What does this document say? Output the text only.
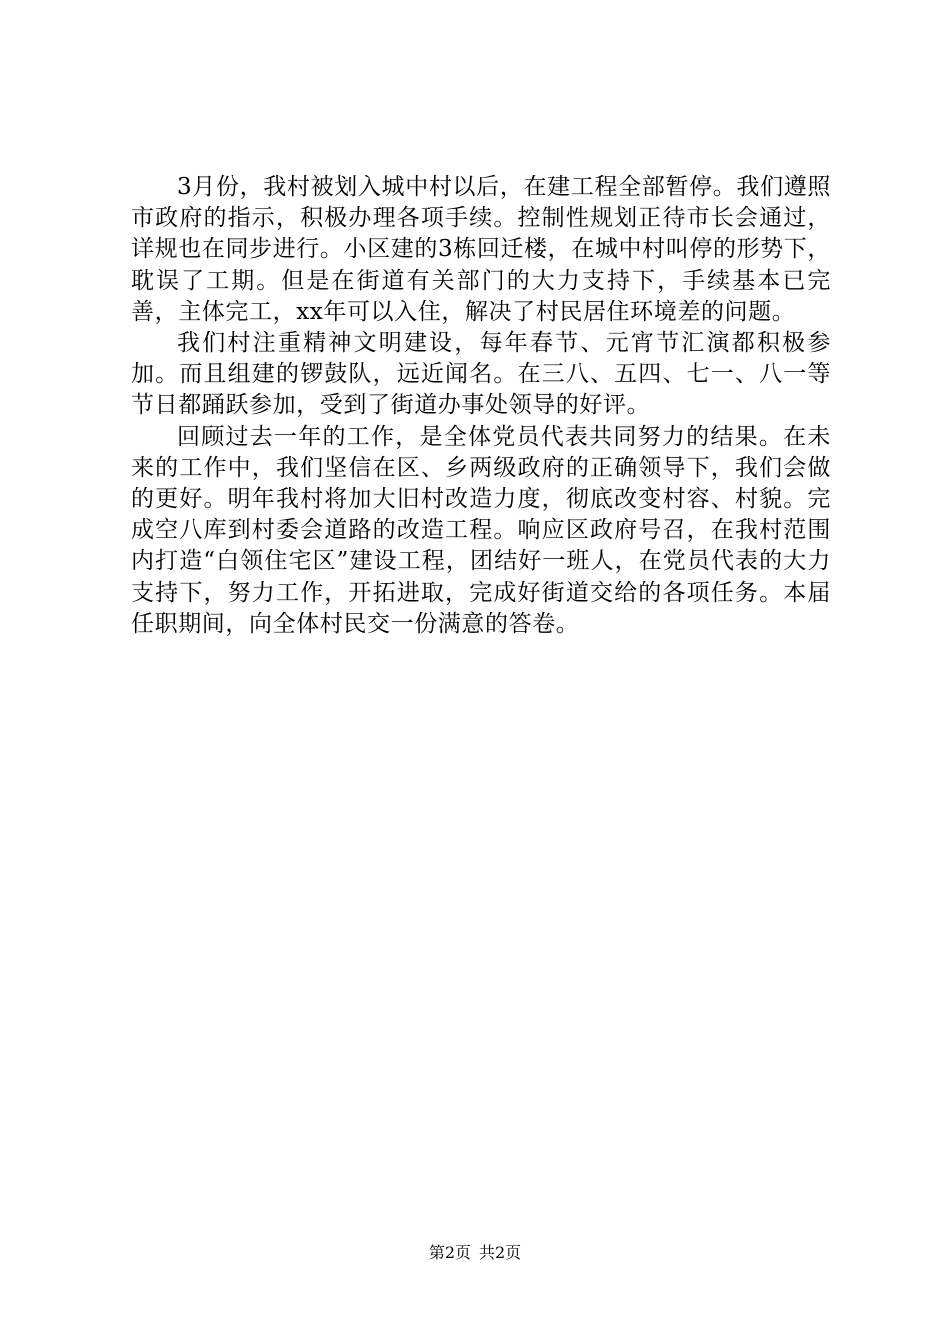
3月份，我村被划入城中村以后，在建工程全部暂停。我们遵照市政府的指示，积极办理各项手续。控制性规划正待市长会通过，详规也在同步进行。小区建的3栋回迁楼，在城中村叫停的形势下，耽误了工期。但是在街道有关部门的大力支持下，手续基本已完善，主体完工，xx年可以入住，解决了村民居住环境差的问题。

我们村注重精神文明建设，每年春节、元宵节汇演都积极参加。而且组建的锣鼓队，远近闻名。在三八、五四、七一、八一等节日都踊跃参加，受到了街道办事处领导的好评。

回顾过去一年的工作，是全体党员代表共同努力的结果。在未来的工作中，我们坚信在区、乡两级政府的正确领导下，我们会做的更好。明年我村将加大旧村改造力度，彻底改变村容、村貌。完成空八库到村委会道路的改造工程。响应区政府号召，在我村范围内打造“白领住宅区”建设工程，团结好一班人，在党员代表的大力支持下，努力工作，开拓进取，完成好街道交给的各项任务。本届任职期间，向全体村民交一份满意的答卷。

第2页 共2页
